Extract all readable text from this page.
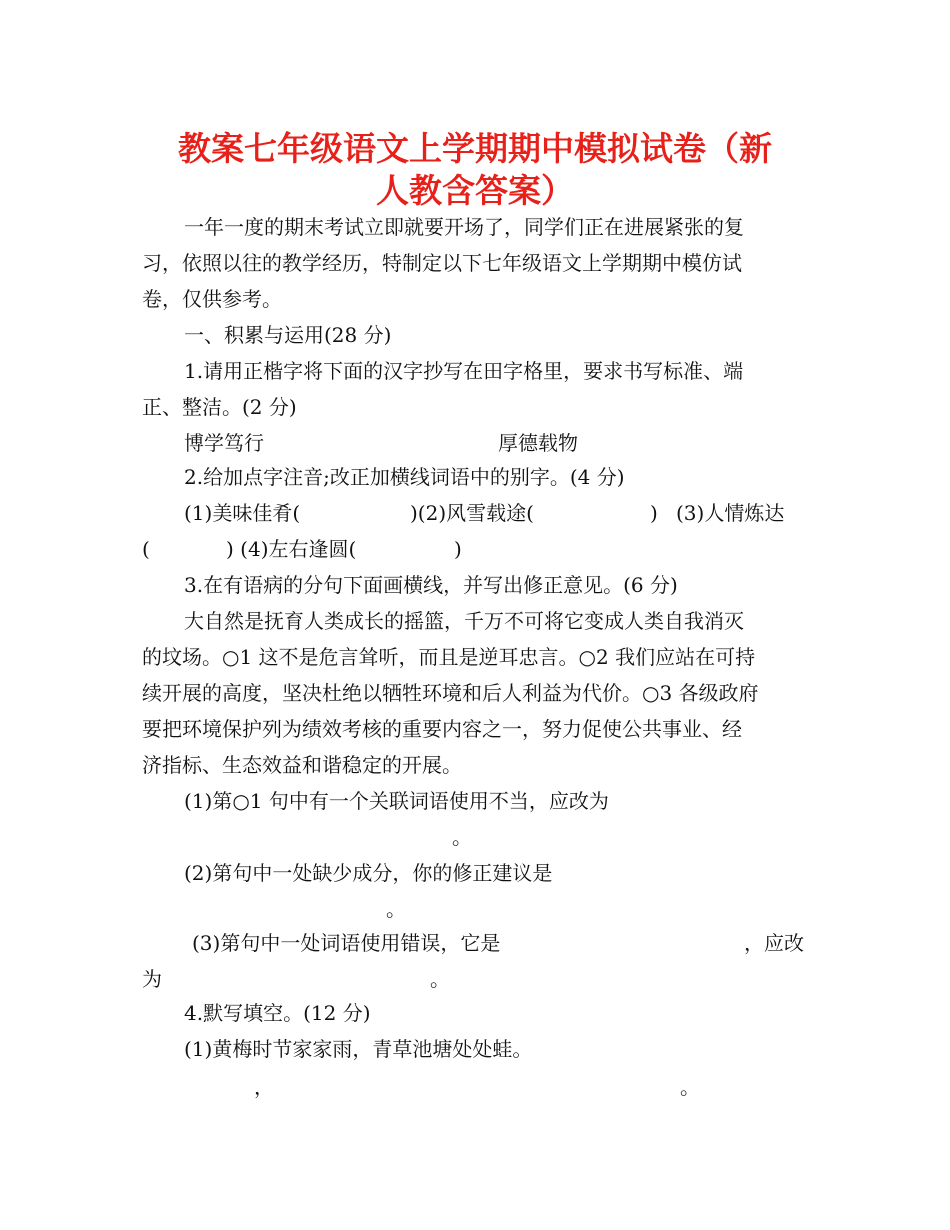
教案七年级语文上学期期中模拟试卷（新
人教含答案）
一年一度的期末考试立即就要开场了，同学们正在进展紧张的复
习，依照以往的教学经历，特制定以下七年级语文上学期期中模仿试
卷，仅供参考。
一、积累与运用(28 分)
1.请用正楷字将下面的汉字抄写在田字格里，要求书写标准、端
正、整洁。(2 分)
博学笃行	厚德载物
2.给加点字注音;改正加横线词语中的别字。(4 分)
(1)美味佳肴(	)(2)风雪载途(	) (3)人情炼达
(	) (4)左右逢圆(	)
3.在有语病的分句下面画横线，并写出修正意见。(6 分)
大自然是抚育人类成长的摇篮，千万不可将它变成人类自我消灭
的坟场。○1 这不是危言耸听，而且是逆耳忠言。○2 我们应站在可持
续开展的高度，坚决杜绝以牺牲环境和后人利益为代价。○3 各级政府
要把环境保护列为绩效考核的重要内容之一，努力促使公共事业、经
济指标、生态效益和谐稳定的开展。
(1)第○1 句中有一个关联词语使用不当，应改为
。
(2)第句中一处缺少成分，你的修正建议是
。
(3)第句中一处词语使用错误，它是	，应改
为	。
4.默写填空。(12 分)
(1)黄梅时节家家雨，青草池塘处处蛙。
，	。
